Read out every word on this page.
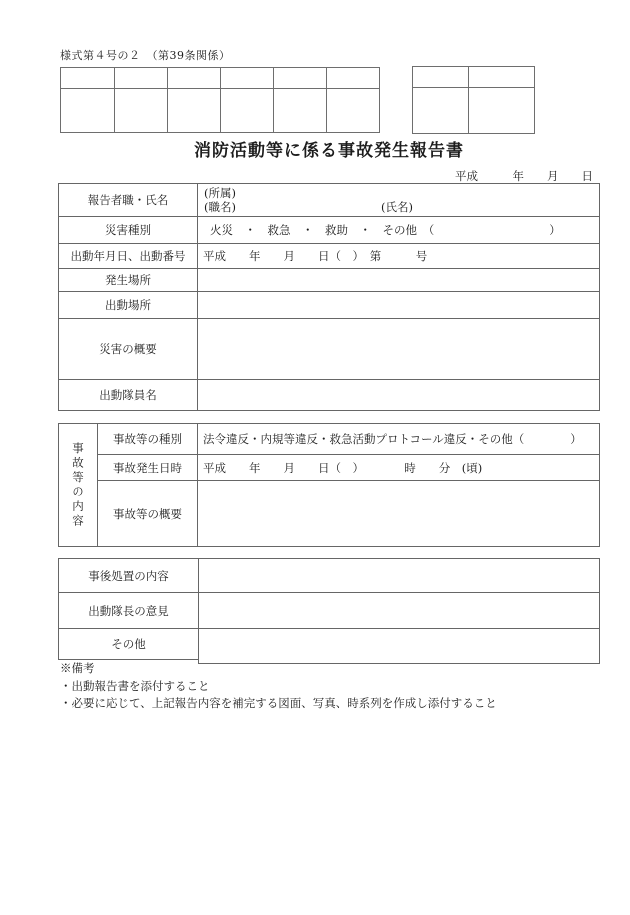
様式第４号の２　（第39条関係）
消防活動等に係る事故発生報告書
平成　　　年　　月　　日
報告者職・氏名	(所属)
(職名)	(氏名)
災害種別	火災　・　救急　・　救助　・　その他　（　　　　　　　　　　）
出動年月日、出動番号	平成　　年　　月　　日（　）　第　　　号
発生場所
出動場所
災害の概要
出動隊員名
事故等の内容
事故等の種別	法令違反・内規等違反・救急活動プロトコール違反・その他（　　　　）
事故発生日時	平成　　年　　月　　日（　）　　　　時　　分　(頃)
事故等の概要
事後処置の内容
出動隊長の意見
その他
※備考
・出動報告書を添付すること
・必要に応じて、上記報告内容を補完する図面、写真、時系列を作成し添付すること
